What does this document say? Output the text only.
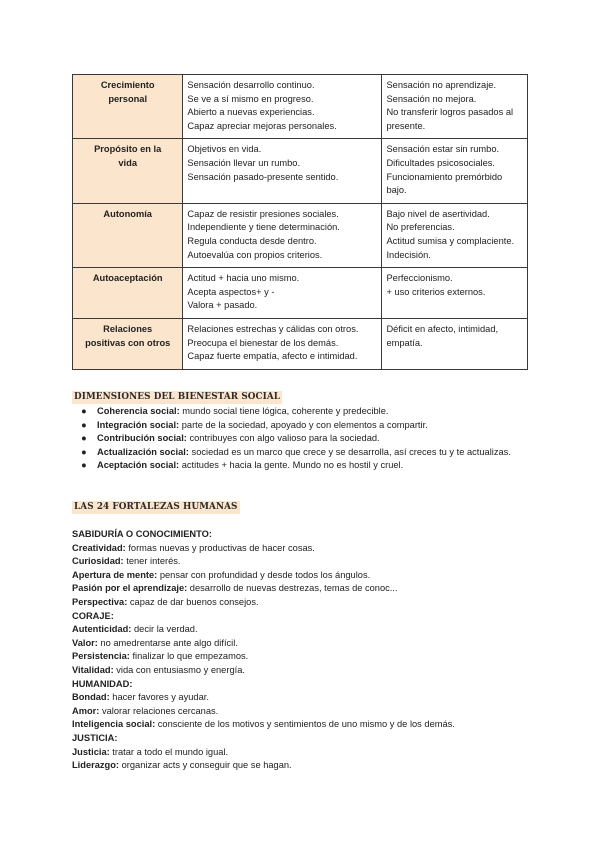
Crecimiento
personal	Sensación desarrollo continuo.
Se ve a sí mismo en progreso.
Abierto a nuevas experiencias.
Capaz apreciar mejoras personales.	Sensación no aprendizaje.
Sensación no mejora.
No transferir logros pasados al presente.

Propósito en la
vida	Objetivos en vida.
Sensación llevar un rumbo.
Sensación pasado-presente sentido.	Sensación estar sin rumbo.
Dificultades psicosociales.
Funcionamiento premórbido bajo.

Autonomía	Capaz de resistir presiones sociales.
Independiente y tiene determinación.
Regula conducta desde dentro.
Autoevalúa con propios criterios.	Bajo nivel de asertividad.
No preferencias.
Actitud sumisa y complaciente.
Indecisión.

Autoaceptación	Actitud + hacia uno mismo.
Acepta aspectos+ y -
Valora + pasado.	Perfeccionismo.
+ uso criterios externos.

Relaciones
positivas con otros	Relaciones estrechas y cálidas con otros.
Preocupa el bienestar de los demás.
Capaz fuerte empatía, afecto e intimidad.	Déficit en afecto, intimidad, empatía.
DIMENSIONES DEL BIENESTAR SOCIAL
● Coherencia social: mundo social tiene lógica, coherente y predecible.
● Integración social: parte de la sociedad, apoyado y con elementos a compartir.
● Contribución social: contribuyes con algo valioso para la sociedad.
● Actualización social: sociedad es un marco que crece y se desarrolla, así creces tu y te actualizas.
● Aceptación social: actitudes + hacia la gente. Mundo no es hostil y cruel.
LAS 24 FORTALEZAS HUMANAS
SABIDURÍA O CONOCIMIENTO:
Creatividad: formas nuevas y productivas de hacer cosas.
Curiosidad: tener interés.
Apertura de mente: pensar con profundidad y desde todos los ángulos.
Pasión por el aprendizaje: desarrollo de nuevas destrezas, temas de conoc...
Perspectiva: capaz de dar buenos consejos.
CORAJE:
Autenticidad: decir la verdad.
Valor: no amedrentarse ante algo difícil.
Persistencia: finalizar lo que empezamos.
Vitalidad: vida con entusiasmo y energía.
HUMANIDAD:
Bondad: hacer favores y ayudar.
Amor: valorar relaciones cercanas.
Inteligencia social: consciente de los motivos y sentimientos de uno mismo y de los demás.
JUSTICIA:
Justicia: tratar a todo el mundo igual.
Liderazgo: organizar acts y conseguir que se hagan.
